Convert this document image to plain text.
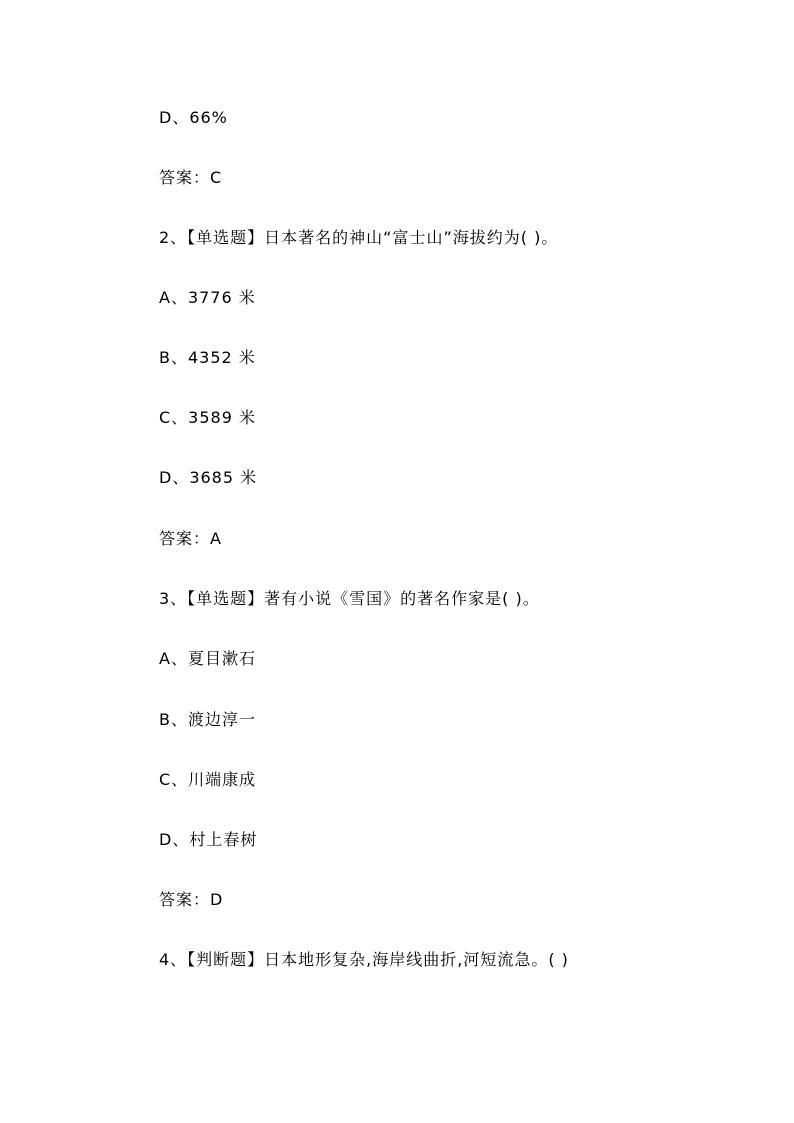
D、66%
答案：C
2、【单选题】日本著名的神山“富士山”海拔约为( )。
A、3776 米
B、4352 米
C、3589 米
D、3685 米
答案：A
3、【单选题】著有小说《雪国》的著名作家是( )。
A、夏目漱石
B、渡边淳一
C、川端康成
D、村上春树
答案：D
4、【判断题】日本地形复杂,海岸线曲折,河短流急。( )
